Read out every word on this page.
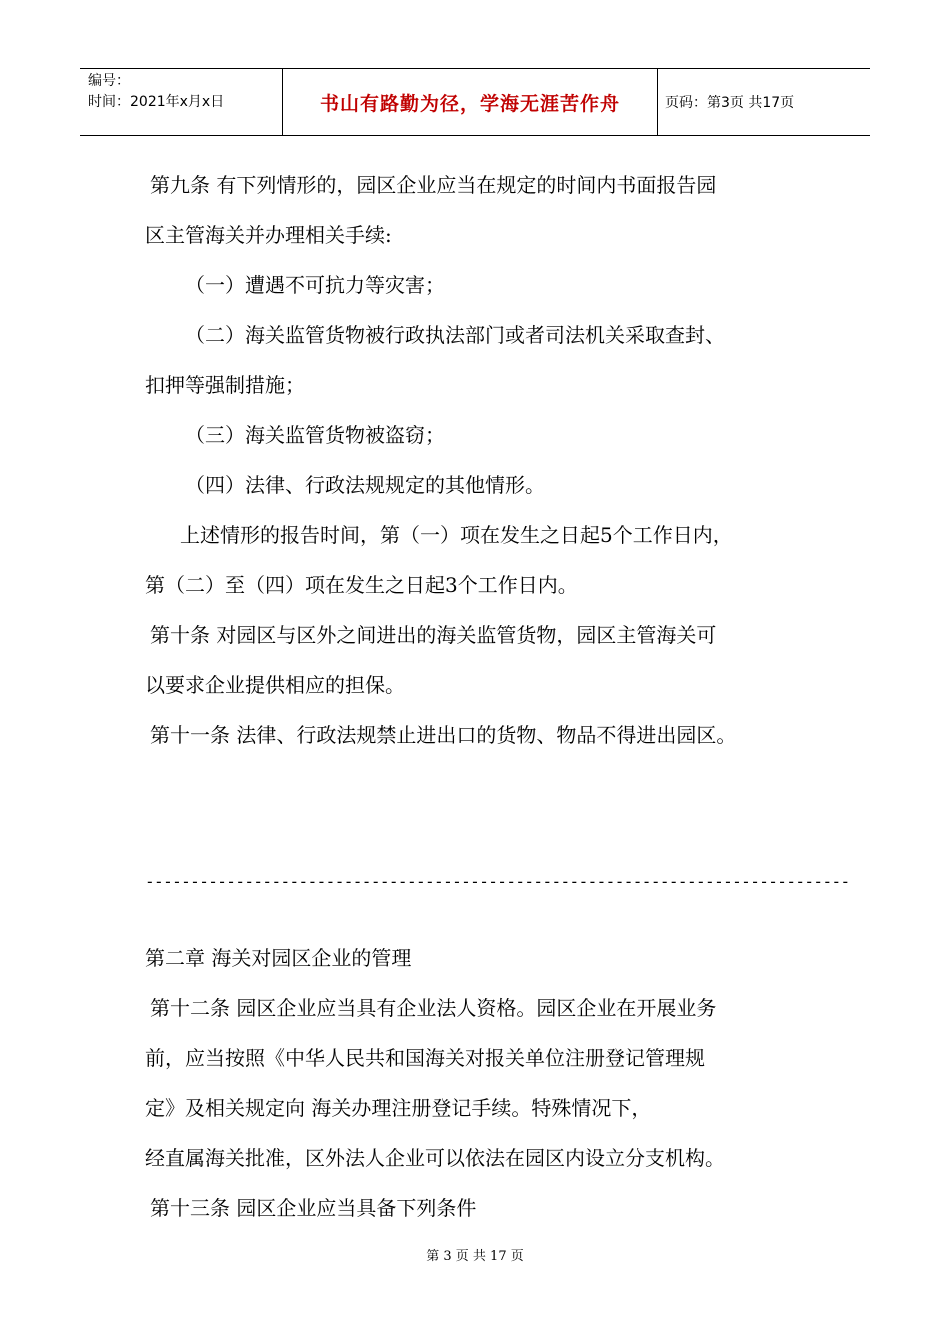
编号：
时间：2021年x月x日	书山有路勤为径，学海无涯苦作舟	页码：第3页 共17页
第九条 有下列情形的，园区企业应当在规定的时间内书面报告园
区主管海关并办理相关手续:
（一）遭遇不可抗力等灾害；
（二）海关监管货物被行政执法部门或者司法机关采取查封、
扣押等强制措施；
（三）海关监管货物被盗窃；
（四）法律、行政法规规定的其他情形。
上述情形的报告时间，第（一）项在发生之日起5个工作日内，
第（二）至（四）项在发生之日起3个工作日内。
第十条 对园区与区外之间进出的海关监管货物，园区主管海关可
以要求企业提供相应的担保。
第十一条 法律、行政法规禁止进出口的货物、物品不得进出园区。
------------------------------------------------------------------------------
第二章 海关对园区企业的管理
第十二条 园区企业应当具有企业法人资格。园区企业在开展业务
前，应当按照《中华人民共和国海关对报关单位注册登记管理规
定》及相关规定向 海关办理注册登记手续。特殊情况下，
经直属海关批准，区外法人企业可以依法在园区内设立分支机构。
第十三条 园区企业应当具备下列条件
第 3 页 共 17 页
